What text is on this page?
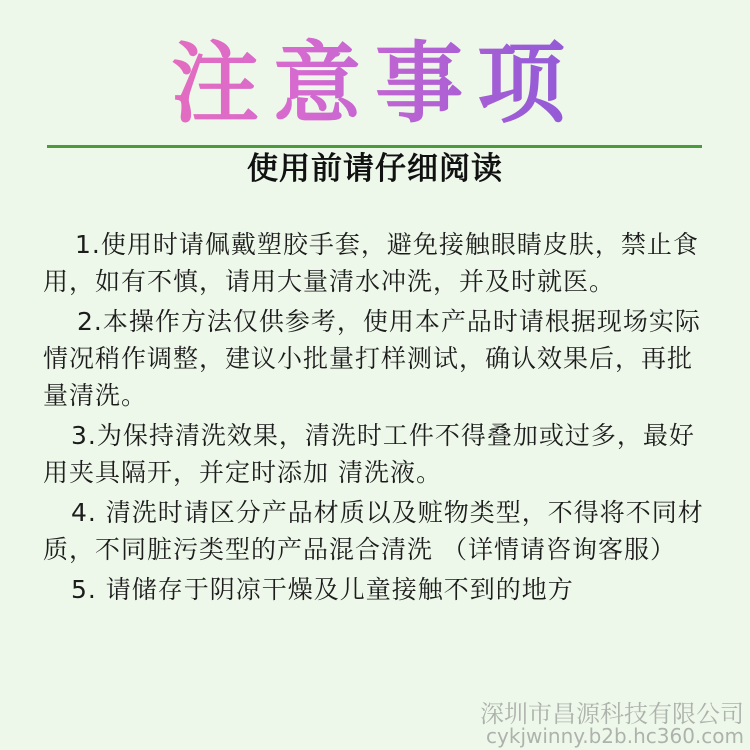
注意事项
使用前请仔细阅读

1.使用时请佩戴塑胶手套，避免接触眼睛皮肤，禁止食用，如有不慎，请用大量清水冲洗，并及时就医。

2.本操作方法仅供参考，使用本产品时请根据现场实际情况稍作调整，建议小批量打样测试，确认效果后，再批量清洗。

3.为保持清洗效果，清洗时工件不得叠加或过多，最好用夹具隔开，并定时添加 清洗液。

4. 清洗时请区分产品材质以及赃物类型，不得将不同材质，不同脏污类型的产品混合清洗 （详情请咨询客服）

5. 请储存于阴凉干燥及儿童接触不到的地方

深圳市昌源科技有限公司
cykjwinny.b2b.hc360.com
